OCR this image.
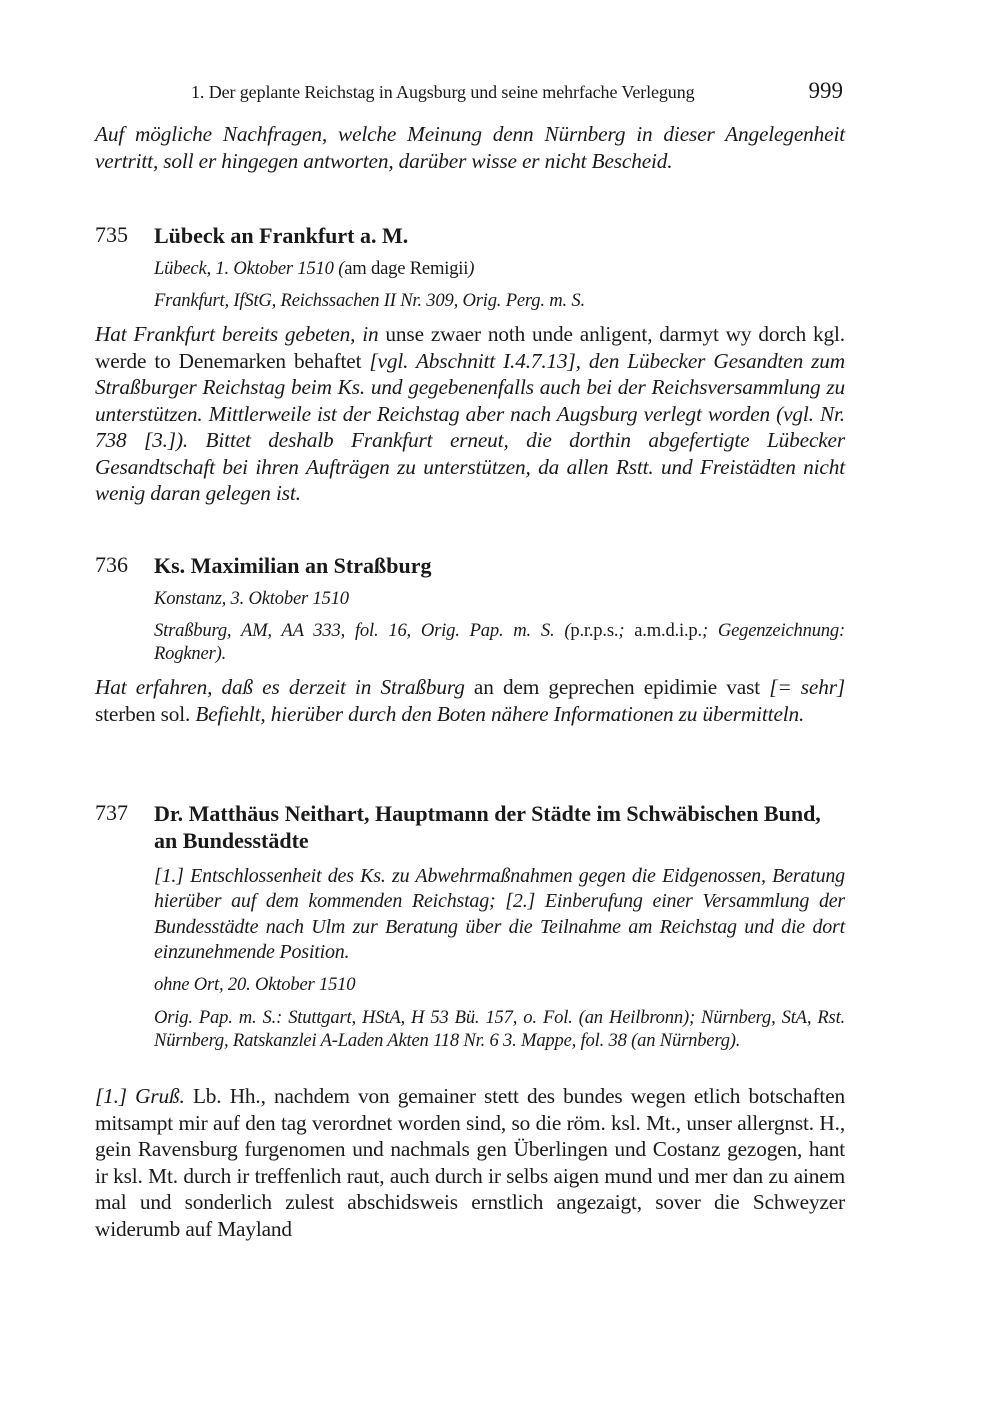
1. Der geplante Reichstag in Augsburg und seine mehrfache Verlegung	999

Auf mögliche Nachfragen, welche Meinung denn Nürnberg in dieser Angelegenheit vertritt, soll er hingegen antworten, darüber wisse er nicht Bescheid.

735 Lübeck an Frankfurt a. M.
Lübeck, 1. Oktober 1510 (am dage Remigii)
Frankfurt, IfStG, Reichssachen II Nr. 309, Orig. Perg. m. S.

Hat Frankfurt bereits gebeten, in unse zwaer noth unde anligent, darmyt wy dorch kgl. werde to Denemarken behaftet [vgl. Abschnitt I.4.7.13], den Lübecker Gesandten zum Straßburger Reichstag beim Ks. und gegebenenfalls auch bei der Reichsversammlung zu unterstützen. Mittlerweile ist der Reichstag aber nach Augsburg verlegt worden (vgl. Nr. 738 [3.]). Bittet deshalb Frankfurt erneut, die dorthin abgefertigte Lübecker Gesandtschaft bei ihren Aufträgen zu unterstützen, da allen Rstt. und Freistädten nicht wenig daran gelegen ist.

736 Ks. Maximilian an Straßburg
Konstanz, 3. Oktober 1510
Straßburg, AM, AA 333, fol. 16, Orig. Pap. m. S. (p.r.p.s.; a.m.d.i.p.; Gegenzeichnung: Rogkner).

Hat erfahren, daß es derzeit in Straßburg an dem geprechen epidimie vast [= sehr] sterben sol. Befiehlt, hierüber durch den Boten nähere Informationen zu übermitteln.

737 Dr. Matthäus Neithart, Hauptmann der Städte im Schwäbischen Bund, an Bundesstädte
[1.] Entschlossenheit des Ks. zu Abwehrmaßnahmen gegen die Eidgenossen, Beratung hierüber auf dem kommenden Reichstag; [2.] Einberufung einer Versammlung der Bundesstädte nach Ulm zur Beratung über die Teilnahme am Reichstag und die dort einzunehmende Position.
ohne Ort, 20. Oktober 1510
Orig. Pap. m. S.: Stuttgart, HStA, H 53 Bü. 157, o. Fol. (an Heilbronn); Nürnberg, StA, Rst. Nürnberg, Ratskanzlei A-Laden Akten 118 Nr. 6 3. Mappe, fol. 38 (an Nürnberg).

[1.] Gruß. Lb. Hh., nachdem von gemainer stett des bundes wegen etlich botschaften mitsampt mir auf den tag verordnet worden sind, so die röm. ksl. Mt., unser allergnst. H., gein Ravensburg furgenomen und nachmals gen Überlingen und Costanz gezogen, hant ir ksl. Mt. durch ir treffenlich raut, auch durch ir selbs aigen mund und mer dan zu ainem mal und sonderlich zulest abschidsweis ernstlich angezaigt, sover die Schweyzer widerumb auf Mayland
